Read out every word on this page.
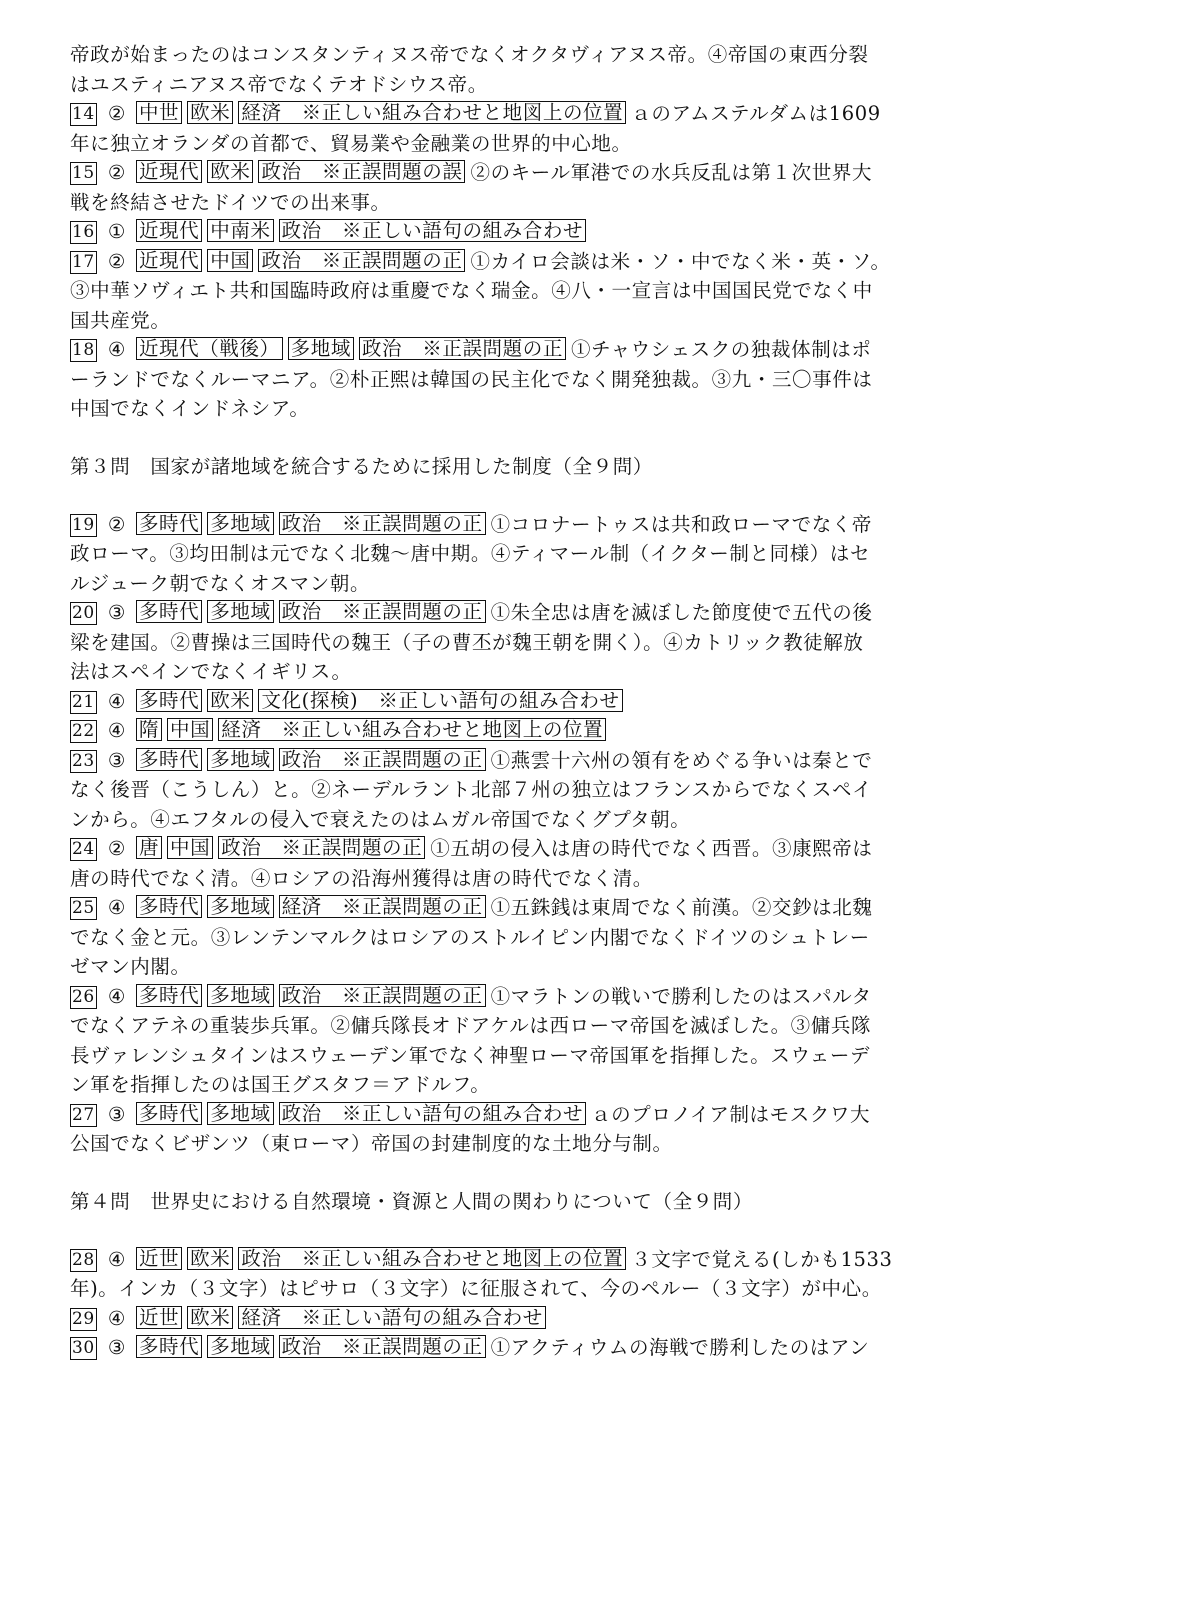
帝政が始まったのはコンスタンティヌス帝でなくオクタヴィアヌス帝。④帝国の東西分裂
はユスティニアヌス帝でなくテオドシウス帝。
14 ② 中世 欧米 経済　※正しい組み合わせと地図上の位置 ａのアムステルダムは1609
年に独立オランダの首都で、貿易業や金融業の世界的中心地。
15 ② 近現代 欧米 政治　※正誤問題の誤 ②のキール軍港での水兵反乱は第１次世界大
戦を終結させたドイツでの出来事。
16 ① 近現代 中南米 政治　※正しい語句の組み合わせ
17 ② 近現代 中国 政治　※正誤問題の正 ①カイロ会談は米・ソ・中でなく米・英・ソ。
③中華ソヴィエト共和国臨時政府は重慶でなく瑞金。④八・一宣言は中国国民党でなく中
国共産党。
18 ④ 近現代（戦後） 多地域 政治　※正誤問題の正 ①チャウシェスクの独裁体制はポ
ーランドでなくルーマニア。②朴正煕は韓国の民主化でなく開発独裁。③九・三〇事件は
中国でなくインドネシア。
第３問　国家が諸地域を統合するために採用した制度（全９問）
19 ② 多時代 多地域 政治　※正誤問題の正 ①コロナートゥスは共和政ローマでなく帝
政ローマ。③均田制は元でなく北魏～唐中期。④ティマール制（イクター制と同様）はセ
ルジューク朝でなくオスマン朝。
20 ③ 多時代 多地域 政治　※正誤問題の正 ①朱全忠は唐を滅ぼした節度使で五代の後
梁を建国。②曹操は三国時代の魏王（子の曹丕が魏王朝を開く）。④カトリック教徒解放
法はスペインでなくイギリス。
21 ④ 多時代 欧米 文化(探検)　※正しい語句の組み合わせ
22 ④ 隋 中国 経済　※正しい組み合わせと地図上の位置
23 ③ 多時代 多地域 政治　※正誤問題の正 ①燕雲十六州の領有をめぐる争いは秦とで
なく後晋（こうしん）と。②ネーデルラント北部７州の独立はフランスからでなくスペイ
ンから。④エフタルの侵入で衰えたのはムガル帝国でなくグプタ朝。
24 ② 唐 中国 政治　※正誤問題の正 ①五胡の侵入は唐の時代でなく西晋。③康熙帝は
唐の時代でなく清。④ロシアの沿海州獲得は唐の時代でなく清。
25 ④ 多時代 多地域 経済　※正誤問題の正 ①五銖銭は東周でなく前漢。②交鈔は北魏
でなく金と元。③レンテンマルクはロシアのストルイピン内閣でなくドイツのシュトレー
ゼマン内閣。
26 ④ 多時代 多地域 政治　※正誤問題の正 ①マラトンの戦いで勝利したのはスパルタ
でなくアテネの重装歩兵軍。②傭兵隊長オドアケルは西ローマ帝国を滅ぼした。③傭兵隊
長ヴァレンシュタインはスウェーデン軍でなく神聖ローマ帝国軍を指揮した。スウェーデ
ン軍を指揮したのは国王グスタフ＝アドルフ。
27 ③ 多時代 多地域 政治　※正しい語句の組み合わせ ａのプロノイア制はモスクワ大
公国でなくビザンツ（東ローマ）帝国の封建制度的な土地分与制。
第４問　世界史における自然環境・資源と人間の関わりについて（全９問）
28 ④ 近世 欧米 政治　※正しい組み合わせと地図上の位置 ３文字で覚える(しかも1533
年)。インカ（３文字）はピサロ（３文字）に征服されて、今のペルー（３文字）が中心。
29 ④ 近世 欧米 経済　※正しい語句の組み合わせ
30 ③ 多時代 多地域 政治　※正誤問題の正 ①アクティウムの海戦で勝利したのはアン
